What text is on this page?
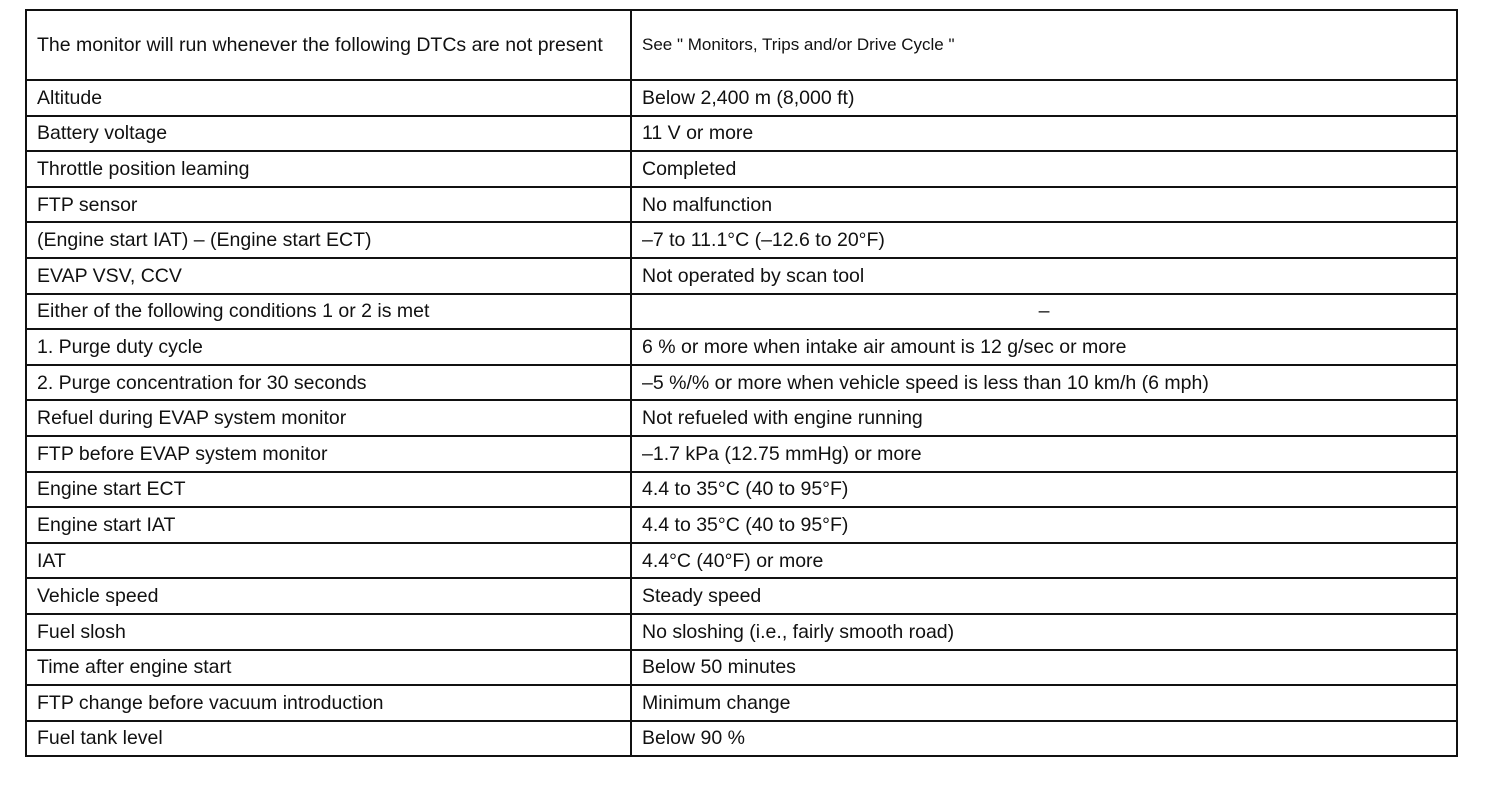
The monitor will run whenever the following DTCs are not present	See " Monitors, Trips and/or Drive Cycle "
Altitude	Below 2,400 m (8,000 ft)
Battery voltage	11 V or more
Throttle position leaming	Completed
FTP sensor	No malfunction
(Engine start IAT) – (Engine start ECT)	–7 to 11.1°C (–12.6 to 20°F)
EVAP VSV, CCV	Not operated by scan tool
Either of the following conditions 1 or 2 is met	–
1. Purge duty cycle	6 % or more when intake air amount is 12 g/sec or more
2. Purge concentration for 30 seconds	–5 %/% or more when vehicle speed is less than 10 km/h (6 mph)
Refuel during EVAP system monitor	Not refueled with engine running
FTP before EVAP system monitor	–1.7 kPa (12.75 mmHg) or more
Engine start ECT	4.4 to 35°C (40 to 95°F)
Engine start IAT	4.4 to 35°C (40 to 95°F)
IAT	4.4°C (40°F) or more
Vehicle speed	Steady speed
Fuel slosh	No sloshing (i.e., fairly smooth road)
Time after engine start	Below 50 minutes
FTP change before vacuum introduction	Minimum change
Fuel tank level	Below 90 %
